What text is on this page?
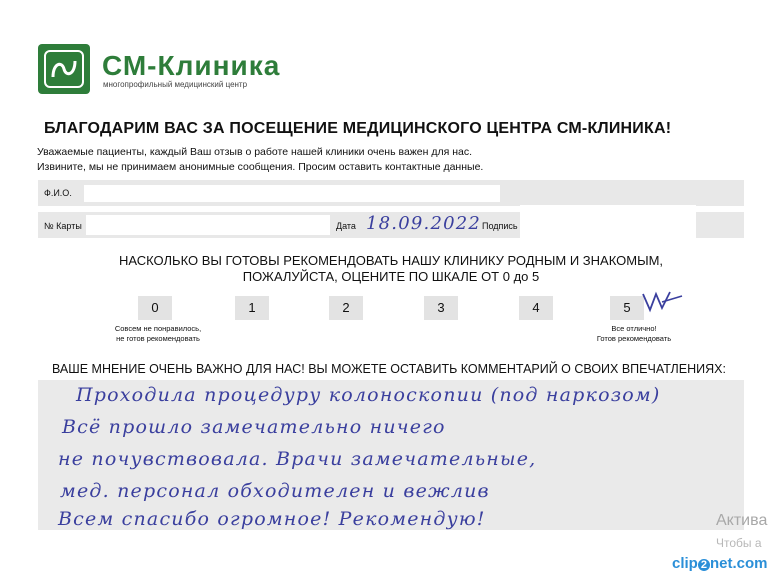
СМ-Клиника
многопрофильный медицинский центр
БЛАГОДАРИМ ВАС ЗА ПОСЕЩЕНИЕ МЕДИЦИНСКОГО ЦЕНТРА СМ-КЛИНИКА!
Уважаемые пациенты, каждый Ваш отзыв о работе нашей клиники очень важен для нас.
Извините, мы не принимаем анонимные сообщения. Просим оставить контактные данные.
Ф.И.О.
№ Карты	Дата 18.09.2022 Подпись
НАСКОЛЬКО ВЫ ГОТОВЫ РЕКОМЕНДОВАТЬ НАШУ КЛИНИКУ РОДНЫМ И ЗНАКОМЫМ,
ПОЖАЛУЙСТА, ОЦЕНИТЕ ПО ШКАЛЕ ОТ 0 до 5
0	1	2	3	4	5
Совсем не понравилось,
не готов рекомендовать
Все отлично!
Готов рекомендовать
ВАШЕ МНЕНИЕ ОЧЕНЬ ВАЖНО ДЛЯ НАС! ВЫ МОЖЕТЕ ОСТАВИТЬ КОММЕНТАРИЙ О СВОИХ ВПЕЧАТЛЕНИЯХ:
Проходила процедуру колоноскопии (под наркозом)
Всё прошло замечательно ничего
не почувствовала. Врачи замечательные,
мед. персонал обходителен и вежлив
Всем спасибо огромное! Рекомендую!	Актива
Чтобы а
clip 2 net.com
